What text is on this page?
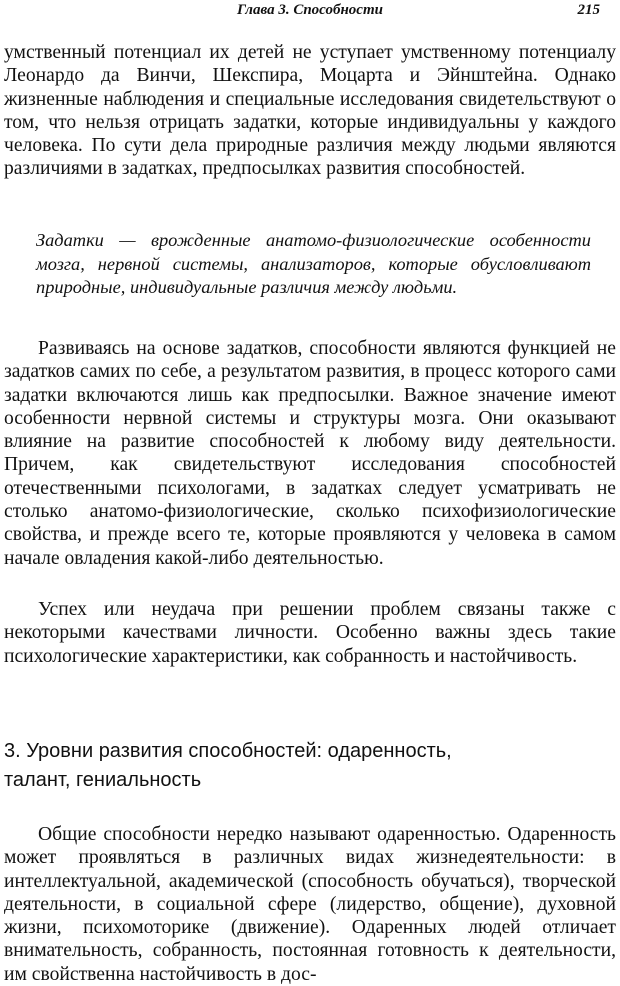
Глава 3. Способности	215

умственный потенциал их детей не уступает умственному потенциалу Леонардо да Винчи, Шекспира, Моцарта и Эйнштейна. Однако жизненные наблюдения и специальные исследования свидетельствуют о том, что нельзя отрицать задатки, которые индивидуальны у каждого человека. По сути дела природные различия между людьми являются различиями в задатках, предпосылках развития способностей.

Задатки — врожденные анатомо-физиологические особенности мозга, нервной системы, анализаторов, которые обусловливают природные, индивидуальные различия между людьми.

Развиваясь на основе задатков, способности являются функцией не задатков самих по себе, а результатом развития, в процесс которого сами задатки включаются лишь как предпосылки. Важное значение имеют особенности нервной системы и структуры мозга. Они оказывают влияние на развитие способностей к любому виду деятельности. Причем, как свидетельствуют исследования способностей отечественными психологами, в задатках следует усматривать не столько анатомо-физиологические, сколько психофизиологические свойства, и прежде всего те, которые проявляются у человека в самом начале овладения какой-либо деятельностью.

Успех или неудача при решении проблем связаны также с некоторыми качествами личности. Особенно важны здесь такие психологические характеристики, как собранность и настойчивость.

3. Уровни развития способностей: одаренность,
талант, гениальность

Общие способности нередко называют одаренностью. Одаренность может проявляться в различных видах жизнедеятельности: в интеллектуальной, академической (способность обучаться), творческой деятельности, в социальной сфере (лидерство, общение), духовной жизни, психомоторике (движение). Одаренных людей отличает внимательность, собранность, постоянная готовность к деятельности, им свойственна настойчивость в дос-
